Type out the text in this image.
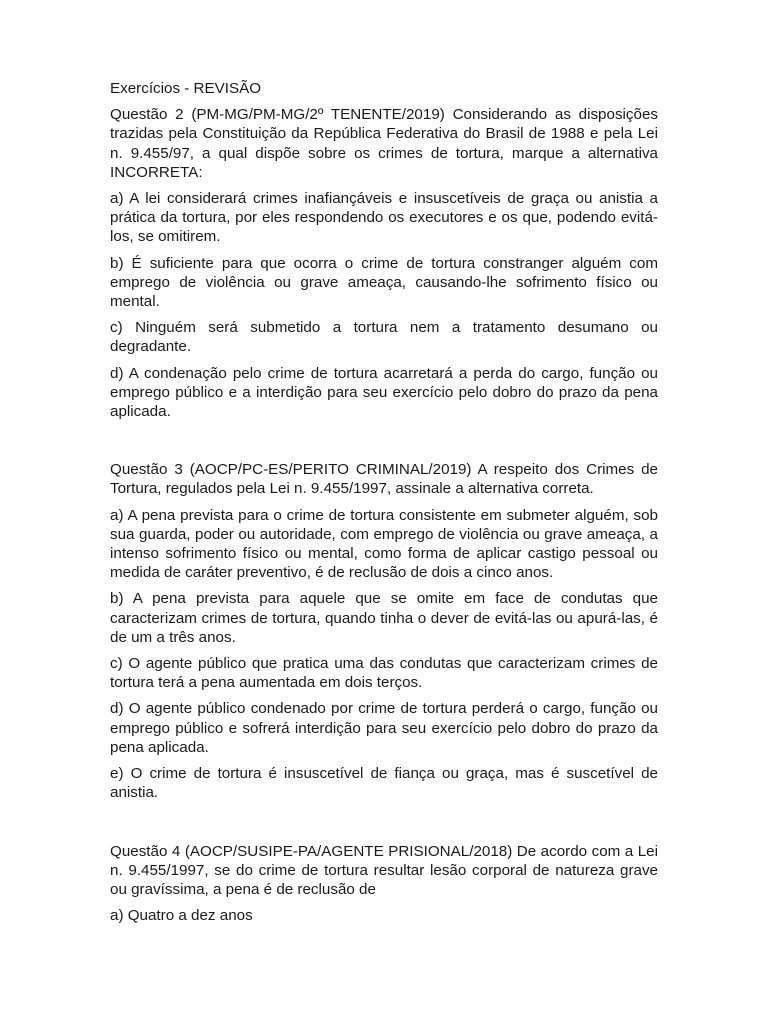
Exercícios - REVISÃO

Questão 2 (PM-MG/PM-MG/2º TENENTE/2019) Considerando as disposições trazidas pela Constituição da República Federativa do Brasil de 1988 e pela Lei n. 9.455/97, a qual dispõe sobre os crimes de tortura, marque a alternativa INCORRETA:

a) A lei considerará crimes inafiançáveis e insuscetíveis de graça ou anistia a prática da tortura, por eles respondendo os executores e os que, podendo evitá-los, se omitirem.

b) É suficiente para que ocorra o crime de tortura constranger alguém com emprego de violência ou grave ameaça, causando-lhe sofrimento físico ou mental.

c) Ninguém será submetido a tortura nem a tratamento desumano ou degradante.

d) A condenação pelo crime de tortura acarretará a perda do cargo, função ou emprego público e a interdição para seu exercício pelo dobro do prazo da pena aplicada.

Questão 3 (AOCP/PC-ES/PERITO CRIMINAL/2019) A respeito dos Crimes de Tortura, regulados pela Lei n. 9.455/1997, assinale a alternativa correta.

a) A pena prevista para o crime de tortura consistente em submeter alguém, sob sua guarda, poder ou autoridade, com emprego de violência ou grave ameaça, a intenso sofrimento físico ou mental, como forma de aplicar castigo pessoal ou medida de caráter preventivo, é de reclusão de dois a cinco anos.

b) A pena prevista para aquele que se omite em face de condutas que caracterizam crimes de tortura, quando tinha o dever de evitá-las ou apurá-las, é de um a três anos.

c) O agente público que pratica uma das condutas que caracterizam crimes de tortura terá a pena aumentada em dois terços.

d) O agente público condenado por crime de tortura perderá o cargo, função ou emprego público e sofrerá interdição para seu exercício pelo dobro do prazo da pena aplicada.

e) O crime de tortura é insuscetível de fiança ou graça, mas é suscetível de anistia.

Questão 4 (AOCP/SUSIPE-PA/AGENTE PRISIONAL/2018) De acordo com a Lei n. 9.455/1997, se do crime de tortura resultar lesão corporal de natureza grave ou gravíssima, a pena é de reclusão de

a) Quatro a dez anos
